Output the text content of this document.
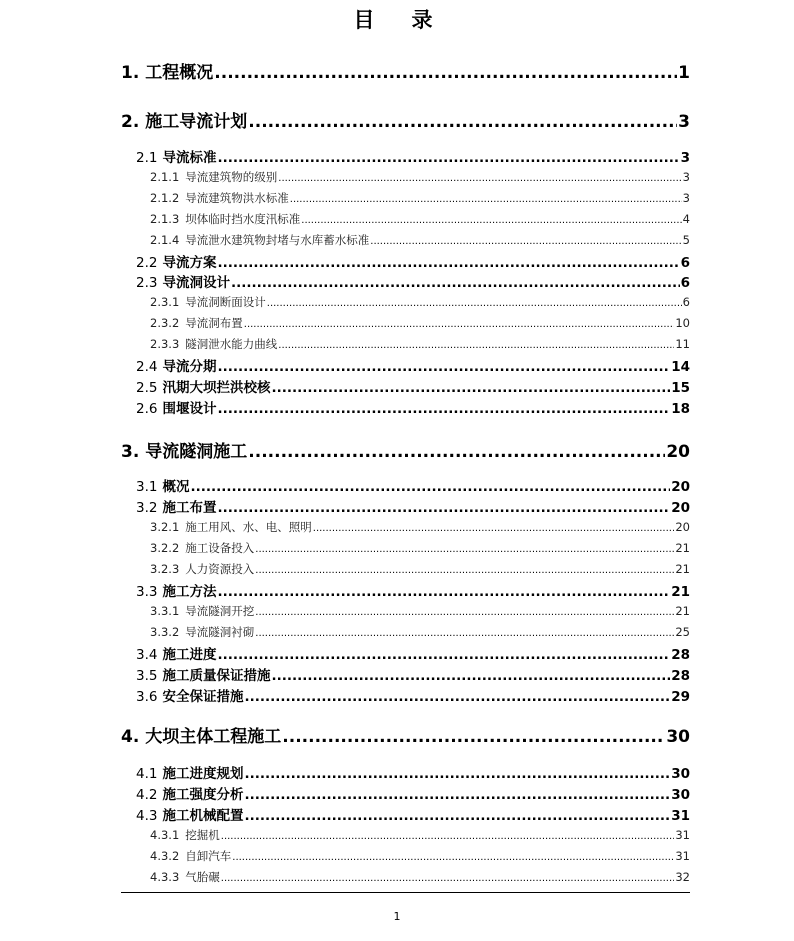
目　录
1. 工程概况 .....	1
2. 施工导流计划 .....	3
2.1 导流标准 .....	3
2.1.1 导流建筑物的级别 .....	3
2.1.2 导流建筑物洪水标准 .....	3
2.1.3 坝体临时挡水度汛标准 .....	4
2.1.4 导流泄水建筑物封堵与水库蓄水标准 .....	5
2.2 导流方案 .....	6
2.3 导流洞设计 .....	6
2.3.1 导流洞断面设计 .....	6
2.3.2 导流洞布置 .....	10
2.3.3 隧洞泄水能力曲线 .....	11
2.4 导流分期 .....	14
2.5 汛期大坝拦洪校核 .....	15
2.6 围堰设计 .....	18
3. 导流隧洞施工 .....	20
3.1 概况 .....	20
3.2 施工布置 .....	20
3.2.1 施工用风、水、电、照明 .....	20
3.2.2 施工设备投入 .....	21
3.2.3 人力资源投入 .....	21
3.3 施工方法 .....	21
3.3.1 导流隧洞开挖 .....	21
3.3.2 导流隧洞衬砌 .....	25
3.4 施工进度 .....	28
3.5 施工质量保证措施 .....	28
3.6 安全保证措施 .....	29
4. 大坝主体工程施工 .....	30
4.1 施工进度规划 .....	30
4.2 施工强度分析 .....	30
4.3 施工机械配置 .....	31
4.3.1 挖掘机 .....	31
4.3.2 自卸汽车 .....	31
4.3.3 气胎碾 .....	32
1
